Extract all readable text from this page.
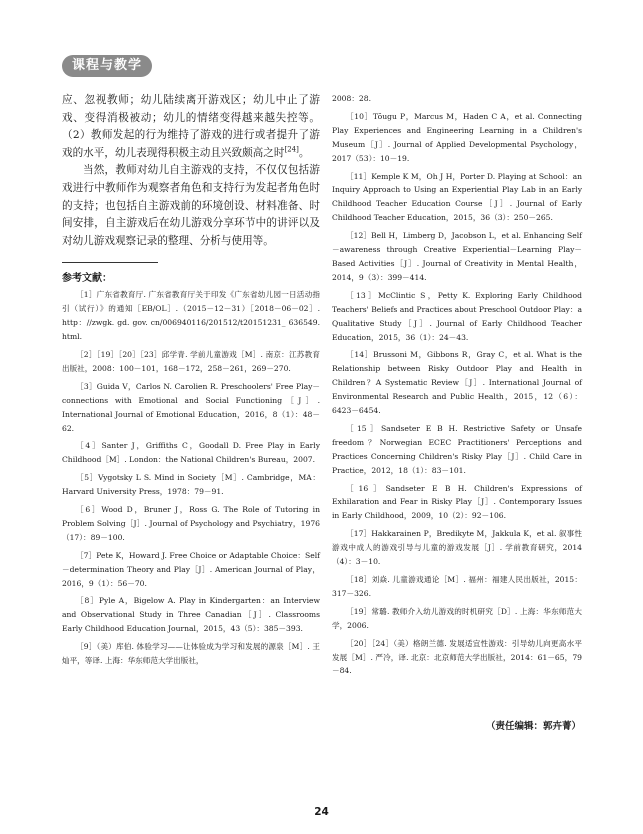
课程与教学

应、忽视教师；幼儿陆续离开游戏区；幼儿中止了游戏、变得消极被动；幼儿的情绪变得越来越失控等。（2）教师发起的行为维持了游戏的进行或者提升了游戏的水平，幼儿表现得积极主动且兴致颇高之时[24]。

当然，教师对幼儿自主游戏的支持，不仅仅包括游戏进行中教师作为观察者角色和支持行为发起者角色时的支持；也包括自主游戏前的环境创设、材料准备、时间安排，自主游戏后在幼儿游戏分享环节中的讲评以及对幼儿游戏观察记录的整理、分析与使用等。

参考文献：

［1］广东省教育厅. 广东省教育厅关于印发《广东省幼儿园一日活动指引（试行）》的通知［EB/OL］.（2015－12－31）［2018－06－02］. http：//zwgk. gd. gov. cn/006940116/201512/t20151231_ 636549. html.

［2］［19］［20］［23］邱学青. 学前儿童游戏［M］. 南京：江苏教育出版社，2008：100－101，168－172，258－261，269－270.

［3］Guida V，Carlos N. Carolien R. Preschoolers' Free Play－connections with Emotional and Social Functioning［J］. International Journal of Emotional Education，2016，8（1）：48－62.

［4］Santer J，Griffiths C，Goodall D. Free Play in Early Childhood［M］. London：the National Children's Bureau，2007.

［5］Vygotsky L S. Mind in Society［M］. Cambridge，MA：Harvard University Press，1978：79－91.

［6］Wood D，Bruner J，Ross G. The Role of Tutoring in Problem Solving［J］. Journal of Psychology and Psychiatry，1976（17）：89－100.

［7］Pete K，Howard J. Free Choice or Adaptable Choice：Self－determination Theory and Play［J］. American Journal of Play，2016，9（1）：56－70.

［8］Pyle A，Bigelow A. Play in Kindergarten：an Interview and Observational Study in Three Canadian［J］. Classrooms Early Childhood Education Journal，2015，43（5）：385－393.

［9］（美）库伯. 体验学习——让体验成为学习和发展的源泉［M］. 王灿平，等译. 上海：华东师范大学出版社，

2008：28.

［10］Tõugu P，Marcus M，Haden C A，et al. Connecting Play Experiences and Engineering Learning in a Children's Museum［J］. Journal of Applied Developmental Psychology，2017（53）：10－19.

［11］Kemple K M，Oh J H，Porter D. Playing at School：an Inquiry Approach to Using an Experiential Play Lab in an Early Childhood Teacher Education Course［J］. Journal of Early Childhood Teacher Education，2015，36（3）：250－265.

［12］Bell H，Limberg D，Jacobson L，et al. Enhancing Self－awareness through Creative Experiential－Learning Play－Based Activities［J］. Journal of Creativity in Mental Health，2014，9（3）：399－414.

［13］McClintic S，Petty K. Exploring Early Childhood Teachers' Beliefs and Practices about Preschool Outdoor Play：a Qualitative Study［J］. Journal of Early Childhood Teacher Education，2015，36（1）：24－43.

［14］Brussoni M，Gibbons R，Gray C，et al. What is the Relationship between Risky Outdoor Play and Health in Children？A Systematic Review［J］. International Journal of Environmental Research and Public Health，2015，12（6）：6423－6454.

［15］Sandseter E B H. Restrictive Safety or Unsafe freedom？Norwegian ECEC Practitioners' Perceptions and Practices Concerning Children's Risky Play［J］. Child Care in Practice，2012，18（1）：83－101.

［16］Sandseter E B H. Children's Expressions of Exhilaration and Fear in Risky Play［J］. Contemporary Issues in Early Childhood，2009，10（2）：92－106.

［17］Hakkarainen P，Bredikyte M，Jakkula K，et al. 叙事性游戏中成人的游戏引导与儿童的游戏发展［J］. 学前教育研究，2014（4）：3－10.

［18］刘焱. 儿童游戏通论［M］. 福州：福建人民出版社，2015：317－326.

［19］常璐. 教师介入幼儿游戏的时机研究［D］. 上海：华东师范大学，2006.

［20］［24］（美）格朗兰德. 发展适宜性游戏：引导幼儿向更高水平发展［M］. 严冷，译. 北京：北京师范大学出版社，2014：61－65，79－84.

（责任编辑：郭卉菁）
24
